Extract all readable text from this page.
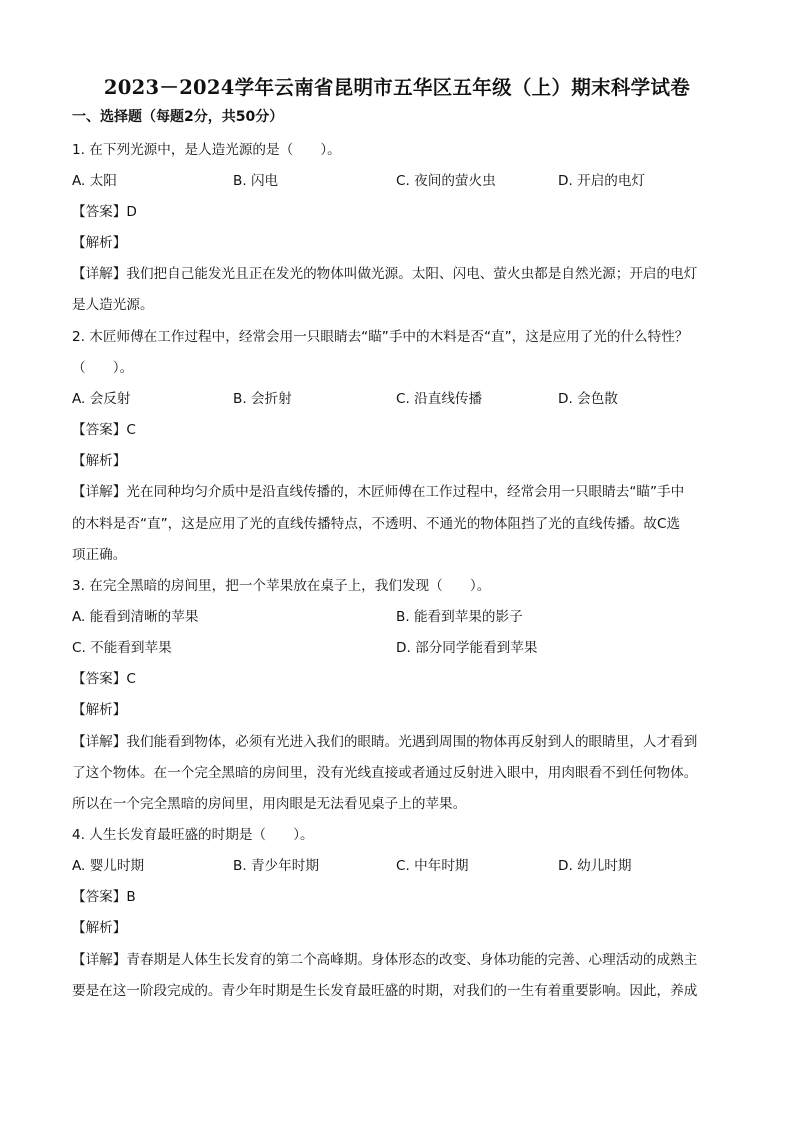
2023－2024学年云南省昆明市五华区五年级（上）期末科学试卷
一、选择题（每题2分，共50分）
1. 在下列光源中，是人造光源的是（　　）。
A. 太阳	B. 闪电	C. 夜间的萤火虫	D. 开启的电灯
【答案】D
【解析】
【详解】我们把自己能发光且正在发光的物体叫做光源。太阳、闪电、萤火虫都是自然光源；开启的电灯
是人造光源。
2. 木匠师傅在工作过程中，经常会用一只眼睛去“瞄”手中的木料是否“直”，这是应用了光的什么特性？
（　　）。
A. 会反射	B. 会折射	C. 沿直线传播	D. 会色散
【答案】C
【解析】
【详解】光在同种均匀介质中是沿直线传播的，木匠师傅在工作过程中，经常会用一只眼睛去“瞄”手中
的木料是否“直”，这是应用了光的直线传播特点，不透明、不通光的物体阻挡了光的直线传播。故C选
项正确。
3. 在完全黑暗的房间里，把一个苹果放在桌子上，我们发现（　　）。
A. 能看到清晰的苹果	B. 能看到苹果的影子
C. 不能看到苹果	D. 部分同学能看到苹果
【答案】C
【解析】
【详解】我们能看到物体，必须有光进入我们的眼睛。光遇到周围的物体再反射到人的眼睛里，人才看到
了这个物体。在一个完全黑暗的房间里，没有光线直接或者通过反射进入眼中，用肉眼看不到任何物体。
所以在一个完全黑暗的房间里，用肉眼是无法看见桌子上的苹果。
4. 人生长发育最旺盛的时期是（　　）。
A. 婴儿时期	B. 青少年时期	C. 中年时期	D. 幼儿时期
【答案】B
【解析】
【详解】青春期是人体生长发育的第二个高峰期。身体形态的改变、身体功能的完善、心理活动的成熟主
要是在这一阶段完成的。青少年时期是生长发育最旺盛的时期，对我们的一生有着重要影响。因此，养成
